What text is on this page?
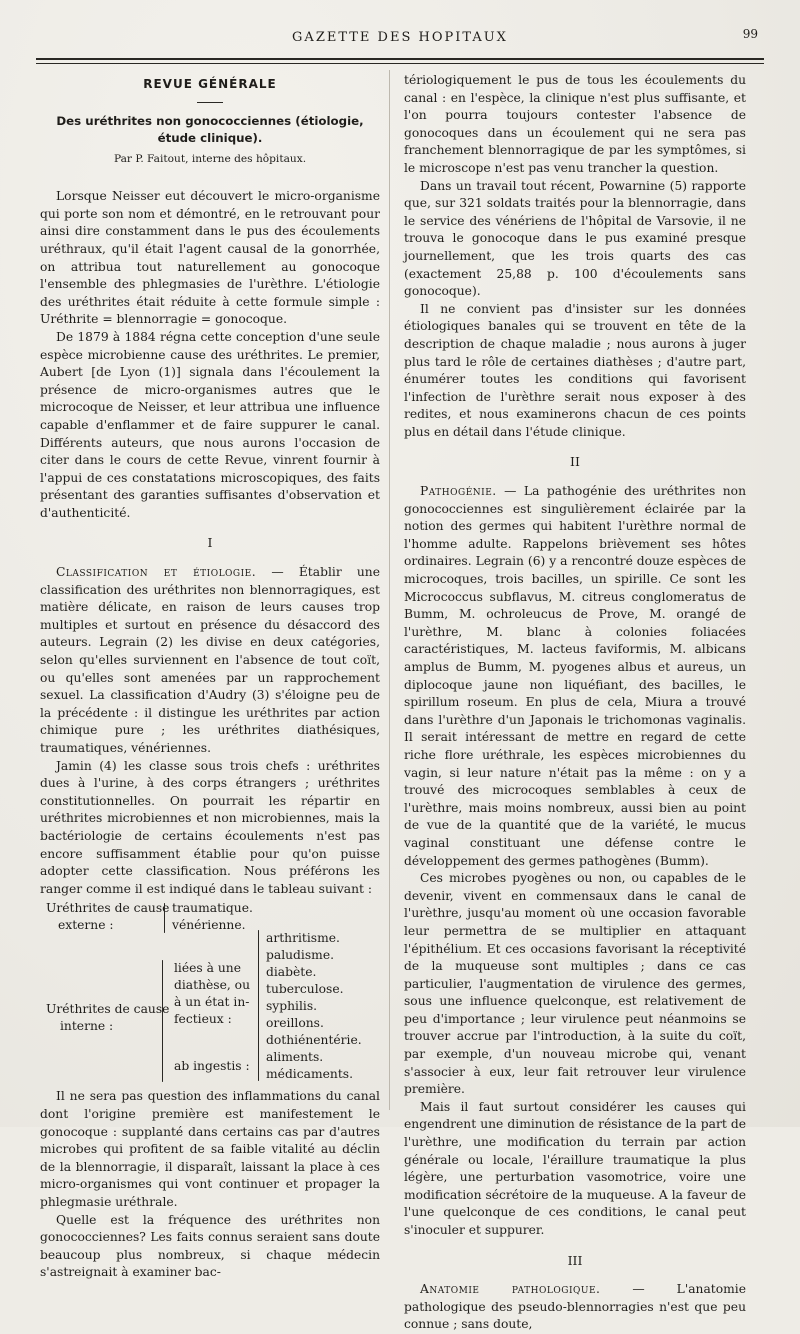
GAZETTE DES HOPITAUX	99
REVUE GÉNÉRALE
Des uréthrites non gonococciennes (étiologie,
étude clinique).
Par P. Faitout, interne des hôpitaux.

Lorsque Neisser eut découvert le micro-organisme qui porte son nom et démontré, en le retrouvant pour ainsi dire constamment dans le pus des écoulements uréthraux, qu'il était l'agent causal de la gonorrhée, on attribua tout naturellement au gonocoque l'ensemble des phlegmasies de l'urèthre. L'étiologie des uréthrites était réduite à cette formule simple : Uréthrite = blennorragie = gonocoque.

De 1879 à 1884 régna cette conception d'une seule espèce microbienne cause des uréthrites. Le premier, Aubert [de Lyon (1)] signala dans l'écoulement la présence de micro-organismes autres que le microcoque de Neisser, et leur attribua une influence capable d'enflammer et de faire suppurer le canal. Différents auteurs, que nous aurons l'occasion de citer dans le cours de cette Revue, vinrent fournir à l'appui de ces constatations microscopiques, des faits présentant des garanties suffisantes d'observation et d'authenticité.

I

Classification et étiologie. — Établir une classification des uréthrites non blennorragiques, est matière délicate, en raison de leurs causes trop multiples et surtout en présence du désaccord des auteurs. Legrain (2) les divise en deux catégories, selon qu'elles surviennent en l'absence de tout coït, ou qu'elles sont amenées par un rapprochement sexuel. La classification d'Audry (3) s'éloigne peu de la précédente : il distingue les uréthrites par action chimique pure ; les uréthrites diathésiques, traumatiques, vénériennes.

Jamin (4) les classe sous trois chefs : uréthrites dues à l'urine, à des corps étrangers ; uréthrites constitutionnelles. On pourrait les répartir en uréthrites microbiennes et non microbiennes, mais la bactériologie de certains écoulements n'est pas encore suffisamment établie pour qu'on puisse adopter cette classification. Nous préférons les ranger comme il est indiqué dans le tableau suivant :

Uréthrites de cause
externe :
traumatique.
vénérienne.
Uréthrites de cause
interne :
liées à une
diathèse, ou
à un état in-
fectieux :
arthritisme.
paludisme.
diabète.
tuberculose.
syphilis.
oreillons.
dothiénentérie.
ab ingestis :
aliments.
médicaments.

Il ne sera pas question des inflammations du canal dont l'origine première est manifestement le gonocoque : supplanté dans certains cas par d'autres microbes qui profitent de sa faible vitalité au déclin de la blennorragie, il disparaît, laissant la place à ces micro-organismes qui vont continuer et propager la phlegmasie uréthrale.

Quelle est la fréquence des uréthrites non gonococciennes? Les faits connus seraient sans doute beaucoup plus nombreux, si chaque médecin s'astreignait à examiner bac-

tériologiquement le pus de tous les écoulements du canal : en l'espèce, la clinique n'est plus suffisante, et l'on pourra toujours contester l'absence de gonocoques dans un écoulement qui ne sera pas franchement blennorragique de par les symptômes, si le microscope n'est pas venu trancher la question.

Dans un travail tout récent, Powarnine (5) rapporte que, sur 321 soldats traités pour la blennorragie, dans le service des vénériens de l'hôpital de Varsovie, il ne trouva le gonocoque dans le pus examiné presque journellement, que les trois quarts des cas (exactement 25,88 p. 100 d'écoulements sans gonocoque).

Il ne convient pas d'insister sur les données étiologiques banales qui se trouvent en tête de la description de chaque maladie ; nous aurons à juger plus tard le rôle de certaines diathèses ; d'autre part, énumérer toutes les conditions qui favorisent l'infection de l'urèthre serait nous exposer à des redites, et nous examinerons chacun de ces points plus en détail dans l'étude clinique.

II

Pathogénie. — La pathogénie des uréthrites non gonococciennes est singulièrement éclairée par la notion des germes qui habitent l'urèthre normal de l'homme adulte. Rappelons brièvement ses hôtes ordinaires. Legrain (6) y a rencontré douze espèces de microcoques, trois bacilles, un spirille. Ce sont les Micrococcus subflavus, M. citreus conglomeratus de Bumm, M. ochroleucus de Prove, M. orangé de l'urèthre, M. blanc à colonies foliacées caractéristiques, M. lacteus faviformis, M. albicans amplus de Bumm, M. pyogenes albus et aureus, un diplocoque jaune non liquéfiant, des bacilles, le spirillum roseum. En plus de cela, Miura a trouvé dans l'urèthre d'un Japonais le trichomonas vaginalis. Il serait intéressant de mettre en regard de cette riche flore uréthrale, les espèces microbiennes du vagin, si leur nature n'était pas la même : on y a trouvé des microcoques semblables à ceux de l'urèthre, mais moins nombreux, aussi bien au point de vue de la quantité que de la variété, le mucus vaginal constituant une défense contre le développement des germes pathogènes (Bumm).

Ces microbes pyogènes ou non, ou capables de le devenir, vivent en commensaux dans le canal de l'urèthre, jusqu'au moment où une occasion favorable leur permettra de se multiplier en attaquant l'épithélium. Et ces occasions favorisant la réceptivité de la muqueuse sont multiples ; dans ce cas particulier, l'augmentation de virulence des germes, sous une influence quelconque, est relativement de peu d'importance ; leur virulence peut néanmoins se trouver accrue par l'introduction, à la suite du coït, par exemple, d'un nouveau microbe qui, venant s'associer à eux, leur fait retrouver leur virulence première.

Mais il faut surtout considérer les causes qui engendrent une diminution de résistance de la part de l'urèthre, une modification du terrain par action générale ou locale, l'éraillure traumatique la plus légère, une perturbation vasomotrice, voire une modification sécrétoire de la muqueuse. A la faveur de l'une quelconque de ces conditions, le canal peut s'inoculer et suppurer.

III

Anatomie pathologique. — L'anatomie pathologique des pseudo-blennorragies n'est que peu connue ; sans doute,
